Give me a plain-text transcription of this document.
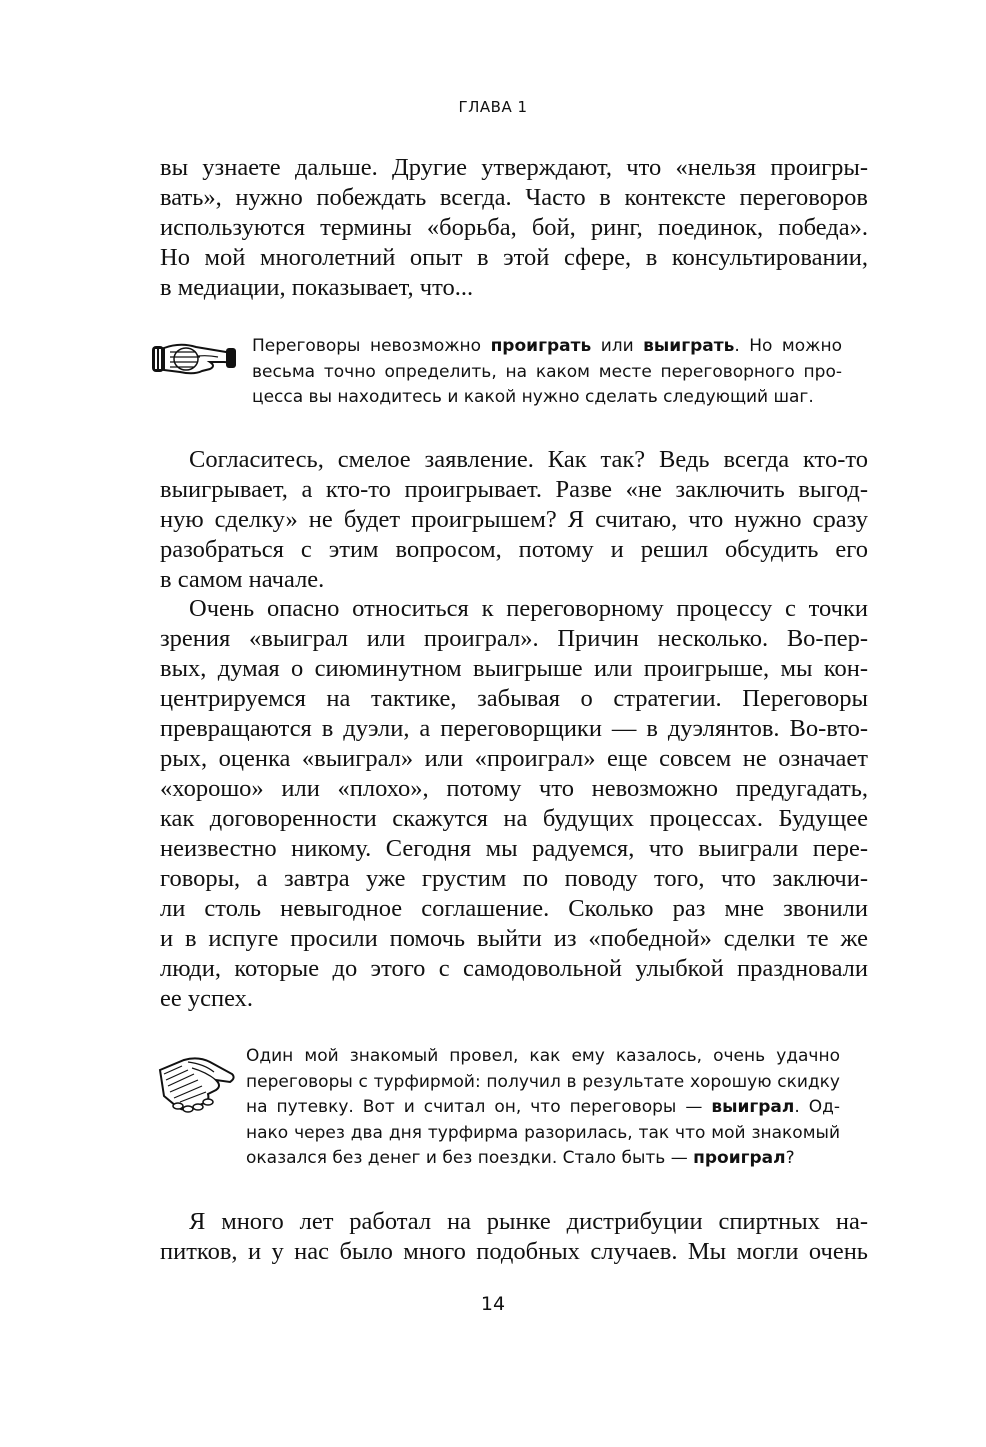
ГЛАВА 1
вы узнаете дальше. Другие утверждают, что «нельзя проигры-
вать», нужно побеждать всегда. Часто в контексте переговоров
используются термины «борьба, бой, ринг, поединок, победа».
Но мой многолетний опыт в этой сфере, в консультировании,
в медиации, показывает, что...
Переговоры невозможно проиграть или выиграть. Но можно
весьма точно определить, на каком месте переговорного про-
цесса вы находитесь и какой нужно сделать следующий шаг.
Согласитесь, смелое заявление. Как так? Ведь всегда кто-то
выигрывает, а кто-то проигрывает. Разве «не заключить выгод-
ную сделку» не будет проигрышем? Я считаю, что нужно сразу
разобраться с этим вопросом, потому и решил обсудить его
в самом начале.
Очень опасно относиться к переговорному процессу с точки
зрения «выиграл или проиграл». Причин несколько. Во-пер-
вых, думая о сиюминутном выигрыше или проигрыше, мы кон-
центрируемся на тактике, забывая о стратегии. Переговоры
превращаются в дуэли, а переговорщики — в дуэлянтов. Во-вто-
рых, оценка «выиграл» или «проиграл» еще совсем не означает
«хорошо» или «плохо», потому что невозможно предугадать,
как договоренности скажутся на будущих процессах. Будущее
неизвестно никому. Сегодня мы радуемся, что выиграли пере-
говоры, а завтра уже грустим по поводу того, что заключи-
ли столь невыгодное соглашение. Сколько раз мне звонили
и в испуге просили помочь выйти из «победной» сделки те же
люди, которые до этого с самодовольной улыбкой праздновали
ее успех.
Один мой знакомый провел, как ему казалось, очень удачно
переговоры с турфирмой: получил в результате хорошую скидку
на путевку. Вот и считал он, что переговоры — выиграл. Од-
нако через два дня турфирма разорилась, так что мой знакомый
оказался без денег и без поездки. Стало быть — проиграл?
Я много лет работал на рынке дистрибуции спиртных на-
питков, и у нас было много подобных случаев. Мы могли очень
14
